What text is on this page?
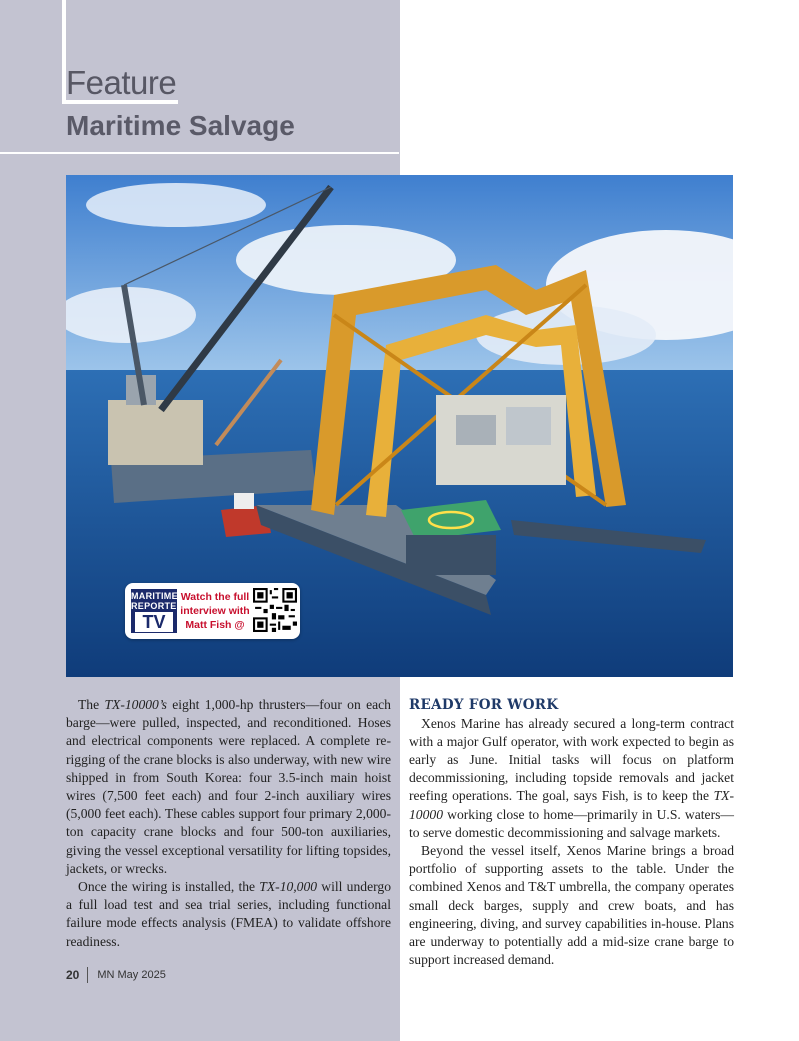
Feature
Maritime Salvage
MARITIME
REPORTER
TV
Watch the full
interview with
Matt Fish @

The TX-10000’s eight 1,000-hp thrusters—four on each barge—were pulled, inspected, and reconditioned. Hoses and electrical components were replaced. A complete re-rigging of the crane blocks is also underway, with new wire shipped in from South Korea: four 3.5-inch main hoist wires (7,500 feet each) and four 2-inch auxiliary wires (5,000 feet each). These cables support four primary 2,000-ton capacity crane blocks and four 500-ton auxiliaries, giving the vessel exceptional versatility for lifting topsides, jackets, or wrecks.

Once the wiring is installed, the TX-10,000 will undergo a full load test and sea trial series, including functional failure mode effects analysis (FMEA) to validate offshore readiness.

READY FOR WORK

Xenos Marine has already secured a long-term contract with a major Gulf operator, with work expected to begin as early as June. Initial tasks will focus on platform decommissioning, including topside removals and jacket reefing operations. The goal, says Fish, is to keep the TX-10000 working close to home—primarily in U.S. waters—to serve domestic decommissioning and salvage markets.

Beyond the vessel itself, Xenos Marine brings a broad portfolio of supporting assets to the table. Under the combined Xenos and T&T umbrella, the company operates small deck barges, supply and crew boats, and has engineering, diving, and survey capabilities in-house. Plans are underway to potentially add a mid-size crane barge to support increased demand.

20 MN May 2025
